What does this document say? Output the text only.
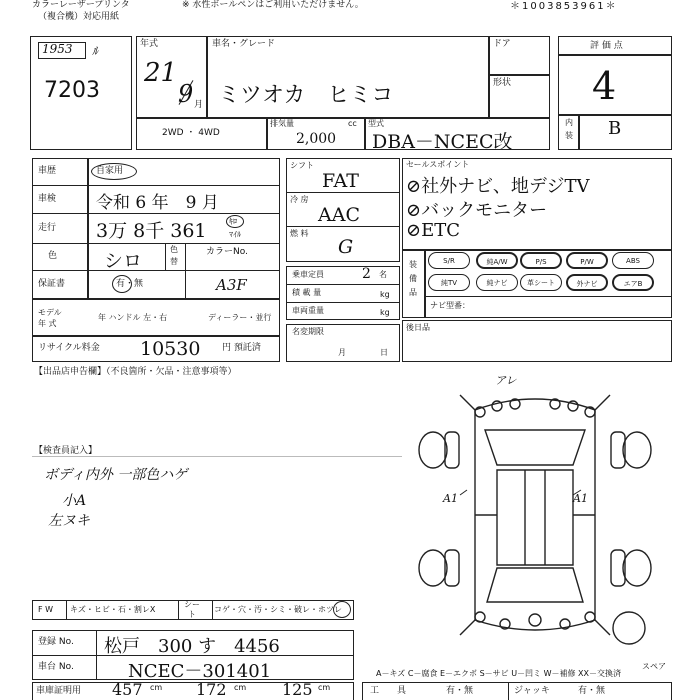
カラーレーザープリンタ
（複合機）対応用紙
※ 水性ボールペンはご利用いただけません。	＊1003853961＊
1953 ﾙ
7203
年式
21
9 月
車名・グレード
ミツオカ　ヒミコ
ドア
形状
2WD ・ 4WD
排気量	cc
2,000
型式
DBA－NCEC改
評 価 点
4
内
装 B
車歴	自家用
車検 令和 6 年　9 月
走行 3万 8千 361	ｷﾛ
ﾏｲﾙ
色 シロ
色
替
カラーNo.
A3F
保証書	有・無
モデル
年 式
年 ハンドル 左・右	ディーラー・並行
リサイクル料金 10530 円 預託済
シフト
FAT
冷 房
AAC
燃 料
G
乗車定員	2 名
積 載 量	kg
車両重量	kg
名変期限
月	日
セールスポイント
⊘社外ナビ、地デジTV
⊘バックモニター
⊘ETC
装 備 品
S/R	純A/W	P/S	P/W	ABS
純TV	純ナビ	革シート	外ナビ	エアB
ナビ型番：
後日品
【出品店申告欄】（不良箇所・欠品・注意事項等）
【検査員記入】
ボディ内外 一部色ハゲ
小A
左ヌキ
アレ
A1	A1
スペア
F W キズ・ヒビ・石・割レX
シー
ト
コゲ・穴・汚・シミ・破レ・ホツレ
登録 No. 松戸　300 す　4456
車台 No.	NCEC－301401	A－キズ C－腐食 E－エクボ S－サビ U－凹ミ W－補修 XX－交換済
車庫証明用 457 cm 172 cm 125 cm	工　　具	有・無	ジャッキ	有・無
